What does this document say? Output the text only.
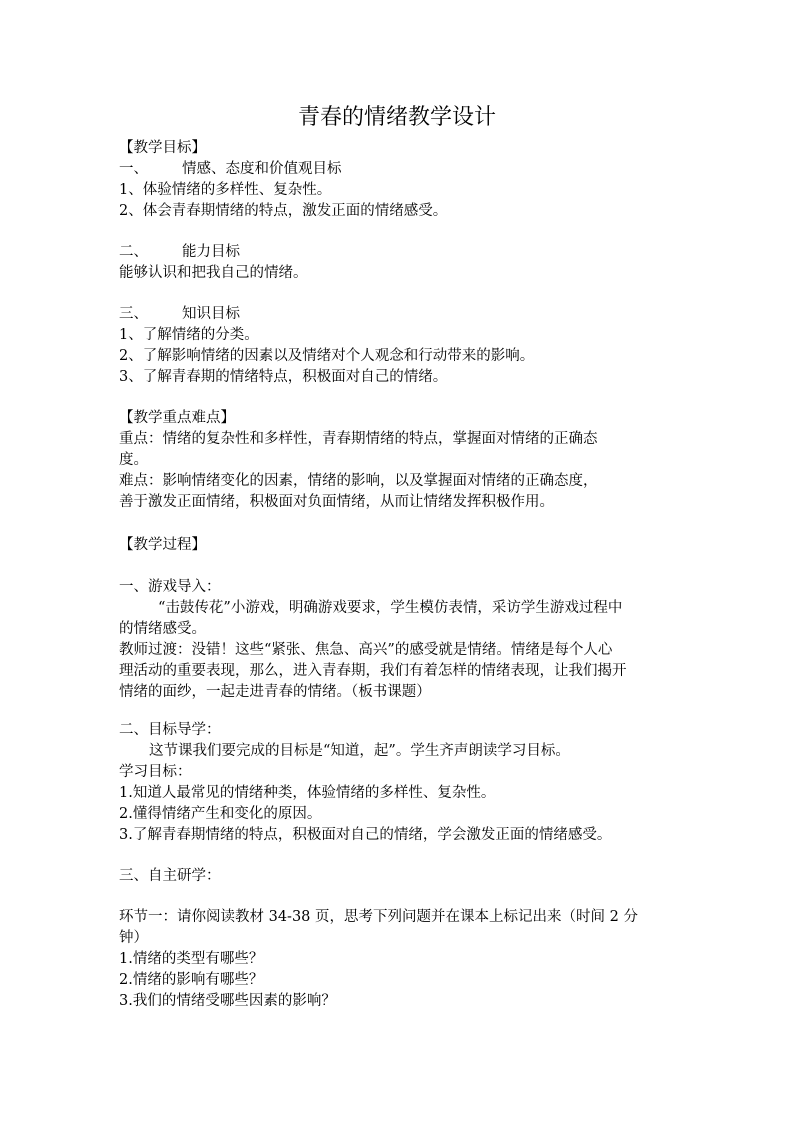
青春的情绪教学设计
【教学目标】
一、 情感、态度和价值观目标
1、体验情绪的多样性、复杂性。
2、体会青春期情绪的特点，激发正面的情绪感受。
二、 能力目标
能够认识和把我自己的情绪。
三、 知识目标
1、了解情绪的分类。
2、了解影响情绪的因素以及情绪对个人观念和行动带来的影响。
3、了解青春期的情绪特点，积极面对自己的情绪。
【教学重点难点】
重点：情绪的复杂性和多样性，青春期情绪的特点，掌握面对情绪的正确态
度。
难点：影响情绪变化的因素，情绪的影响，以及掌握面对情绪的正确态度，
善于激发正面情绪，积极面对负面情绪，从而让情绪发挥积极作用。
【教学过程】
一、游戏导入：
“击鼓传花”小游戏，明确游戏要求，学生模仿表情，采访学生游戏过程中
的情绪感受。
教师过渡：没错！这些“紧张、焦急、高兴”的感受就是情绪。情绪是每个人心
理活动的重要表现，那么，进入青春期，我们有着怎样的情绪表现，让我们揭开
情绪的面纱，一起走进青春的情绪。（板书课题）
二、目标导学：
这节课我们要完成的目标是“知道，起”。学生齐声朗读学习目标。
学习目标：
1.知道人最常见的情绪种类，体验情绪的多样性、复杂性。
2.懂得情绪产生和变化的原因。
3.了解青春期情绪的特点，积极面对自己的情绪，学会激发正面的情绪感受。
三、自主研学：
环节一：请你阅读教材 34-38 页，思考下列问题并在课本上标记出来（时间 2 分
钟）
1.情绪的类型有哪些？
2.情绪的影响有哪些？
3.我们的情绪受哪些因素的影响？
